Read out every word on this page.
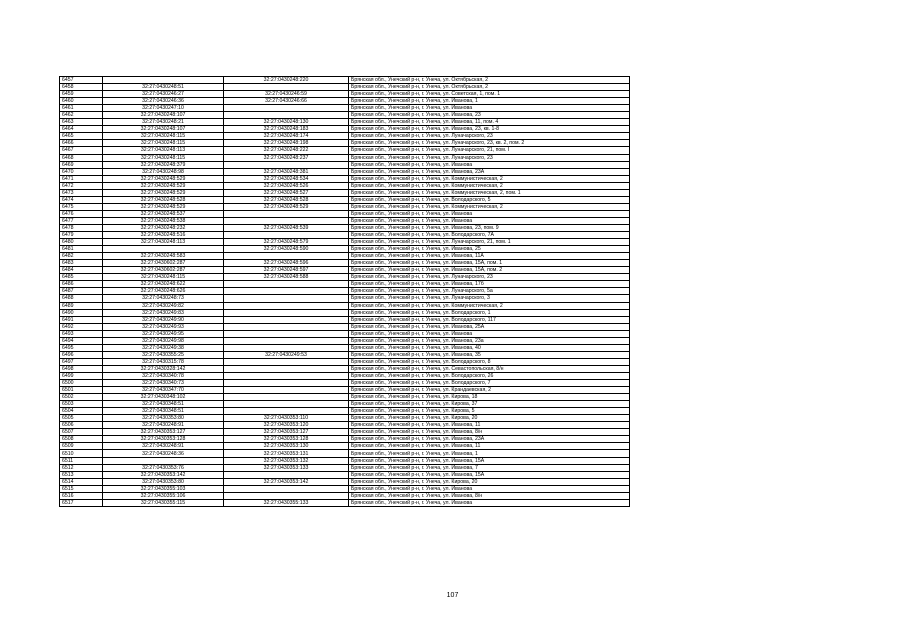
6457		32:27:0430248:220	Брянская обл., Унечский р-н, г. Унеча, ул. Октябрьская, 2
6458	32:27:0430248:51		Брянская обл., Унечский р-н, г. Унеча, ул. Октябрьская, 2
6459	32:27:0430246:27	32:27:0430246:59	Брянская обл., Унечский р-н, г. Унеча, ул. Советская, 1, пом. 1
6460	32:27:0430246:36	32:27:0430246:66	Брянская обл., Унечский р-н, г. Унеча, ул. Иванова, 1
6461	32:27:0430247:10		Брянская обл., Унечский р-н, г. Унеча, ул. Иванова
6462	32:27:0430248:107		Брянская обл., Унечский р-н, г. Унеча, ул. Иванова, 23
6463	32:27:0430248:21	32:27:0430248:130	Брянская обл., Унечский р-н, г. Унеча, ул. Иванова, 11, пом. 4
6464	32:27:0430248:107	32:27:0430248:183	Брянская обл., Унечский р-н, г. Унеча, ул. Иванова, 23, кв. 1-8
6465	32:27:0430248:115	32:27:0430248:174	Брянская обл., Унечский р-н, г. Унеча, ул. Луначарского, 23
6466	32:27:0430248:115	32:27:0430248:198	Брянская обл., Унечский р-н, г. Унеча, ул. Луначарского, 23, кв. 2, пом. 2
6467	32:27:0430248:113	32:27:0430248:222	Брянская обл., Унечский р-н, г. Унеча, ул. Луначарского, 21, пом. I
6468	32:27:0430248:115	32:27:0430248:237	Брянская обл., Унечский р-н, г. Унеча, ул. Луначарского, 23
6469	32:27:0430248:379		Брянская обл., Унечский р-н, г. Унеча, ул. Иванова
6470	32:27:0430248:98	32:27:0430248:381	Брянская обл., Унечский р-н, г. Унеча, ул. Иванова, 23А
6471	32:27:0430248:529	32:27:0430248:534	Брянская обл., Унечский р-н, г. Унеча, ул. Коммунистическая, 2
6472	32:27:0430248:529	32:27:0430248:526	Брянская обл., Унечский р-н, г. Унеча, ул. Коммунистическая, 2
6473	32:27:0430248:529	32:27:0430248:527	Брянская обл., Унечский р-н, г. Унеча, ул. Коммунистическая, 2, пом. 1
6474	32:27:0430248:528	32:27:0430248:528	Брянская обл., Унечский р-н, г. Унеча, ул. Володарского, 5
6475	32:27:0430248:529	32:27:0430248:529	Брянская обл., Унечский р-н, г. Унеча, ул. Коммунистическая, 2
6476	32:27:0430248:537		Брянская обл., Унечский р-н, г. Унеча, ул. Иванова
6477	32:27:0430248:538		Брянская обл., Унечский р-н, г. Унеча, ул. Иванова
6478	32:27:0430248:232	32:27:0430248:539	Брянская обл., Унечский р-н, г. Унеча, ул. Иванова, 23, пом. 9
6479	32:27:0430248:516		Брянская обл., Унечский р-н, г. Унеча, ул. Володарского, 7А
6480	32:27:0430248:113	32:27:0430248:579	Брянская обл., Унечский р-н, г. Унеча, ул. Луначарского, 21, пом. 1
6481		32:27:0430248:590	Брянская обл., Унечский р-н, г. Унеча, ул. Иванова, 25
6482	32:27:0430248:583		Брянская обл., Унечский р-н, г. Унеча, ул. Иванова, 11А
6483	32:27:0430602:287	32:27:0430248:596	Брянская обл., Унечский р-н, г. Унеча, ул. Иванова, 15А, пом. 1
6484	32:27:0430602:287	32:27:0430248:597	Брянская обл., Унечский р-н, г. Унеча, ул. Иванова, 15А, пом. 2
6485	32:27:0430248:115	32:27:0430248:588	Брянская обл., Унечский р-н, г. Унеча, ул. Луначарского, 23
6486	32:27:0430248:622		Брянская обл., Унечский р-н, г. Унеча, ул. Иванова, 17б
6487	32:27:0430248:626		Брянская обл., Унечский р-н, г. Унеча, ул. Луначарского, 5а
6488	32:27:0430248:73		Брянская обл., Унечский р-н, г. Унеча, ул. Луначарского, 3
6489	32:27:0430249:82		Брянская обл., Унечский р-н, г. Унеча, ул. Коммунистическая, 2
6490	32:27:0430249:83		Брянская обл., Унечский р-н, г. Унеча, ул. Володарского, 1
6491	32:27:0430249:90		Брянская обл., Унечский р-н, г. Унеча, ул. Володарского, 117
6492	32:27:0430249:93		Брянская обл., Унечский р-н, г. Унеча, ул. Иванова, 25А
6493	32:27:0430249:95		Брянская обл., Унечский р-н, г. Унеча, ул. Иванова
6494	32:27:0430249:98		Брянская обл., Унечский р-н, г. Унеча, ул. Иванова, 23а
6495	32:27:0430249:38		Брянская обл., Унечский р-н, г. Унеча, ул. Иванова, 40
6496	32:27:0430355:25	32:27:0430249:53	Брянская обл., Унечский р-н, г. Унеча, ул. Иванова, 35
6497	32:27:0430315:78		Брянская обл., Унечский р-н, г. Унеча, ул. Володарского, 8
6498	32:27:0430328:142		Брянская обл., Унечский р-н, г. Унеча, ул. Севастопольская, 8/н
6499	32:27:0430340:78		Брянская обл., Унечский р-н, г. Унеча, ул. Володарского, 26
6500	32:27:0430340:73		Брянская обл., Унечский р-н, г. Унеча, ул. Володарского, 7
6501	32:27:0430347:70		Брянская обл., Унечский р-н, г. Унеча, ул. Крандаевская, 2
6502	32:27:0430348:102		Брянская обл., Унечский р-н, г. Унеча, ул. Кирова, 18
6503	32:27:0430348:51		Брянская обл., Унечский р-н, г. Унеча, ул. Кирова, 37
6504	32:27:0430348:51		Брянская обл., Унечский р-н, г. Унеча, ул. Кирова, 5
6505	32:27:0430353:80	32:27:0430353:110	Брянская обл., Унечский р-н, г. Унеча, ул. Кирова, 20
6506	32:27:0430248:91	32:27:0430353:120	Брянская обл., Унечский р-н, г. Унеча, ул. Иванова, 11
6507	32:27:0430353:127	32:27:0430353:127	Брянская обл., Унечский р-н, г. Унеча, ул. Иванова, 8/н
6508	32:27:0430353:128	32:27:0430353:128	Брянская обл., Унечский р-н, г. Унеча, ул. Иванова, 23А
6509	32:27:0430248:91	32:27:0430353:130	Брянская обл., Унечский р-н, г. Унеча, ул. Иванова, 11
6510	32:27:0430248:36	32:27:0430353:131	Брянская обл., Унечский р-н, г. Унеча, ул. Иванова, 1
6511		32:27:0430353:132	Брянская обл., Унечский р-н, г. Унеча, ул. Иванова, 15А
6512	32:27:0430353:76	32:27:0430353:133	Брянская обл., Унечский р-н, г. Унеча, ул. Иванова, 7
6513	32:27:0430353:142		Брянская обл., Унечский р-н, г. Унеча, ул. Иванова, 15А
6514	32:27:0430353:80	32:27:0430353:142	Брянская обл., Унечский р-н, г. Унеча, ул. Кирова, 20
6515	32:27:0430355:103		Брянская обл., Унечский р-н, г. Унеча, ул. Иванова
6516	32:27:0430355:106		Брянская обл., Унечский р-н, г. Унеча, ул. Иванова, 8/н
6517	32:27:0430355:115	32:27:0430355:133	Брянская обл., Унечский р-н, г. Унеча, ул. Иванова
107
